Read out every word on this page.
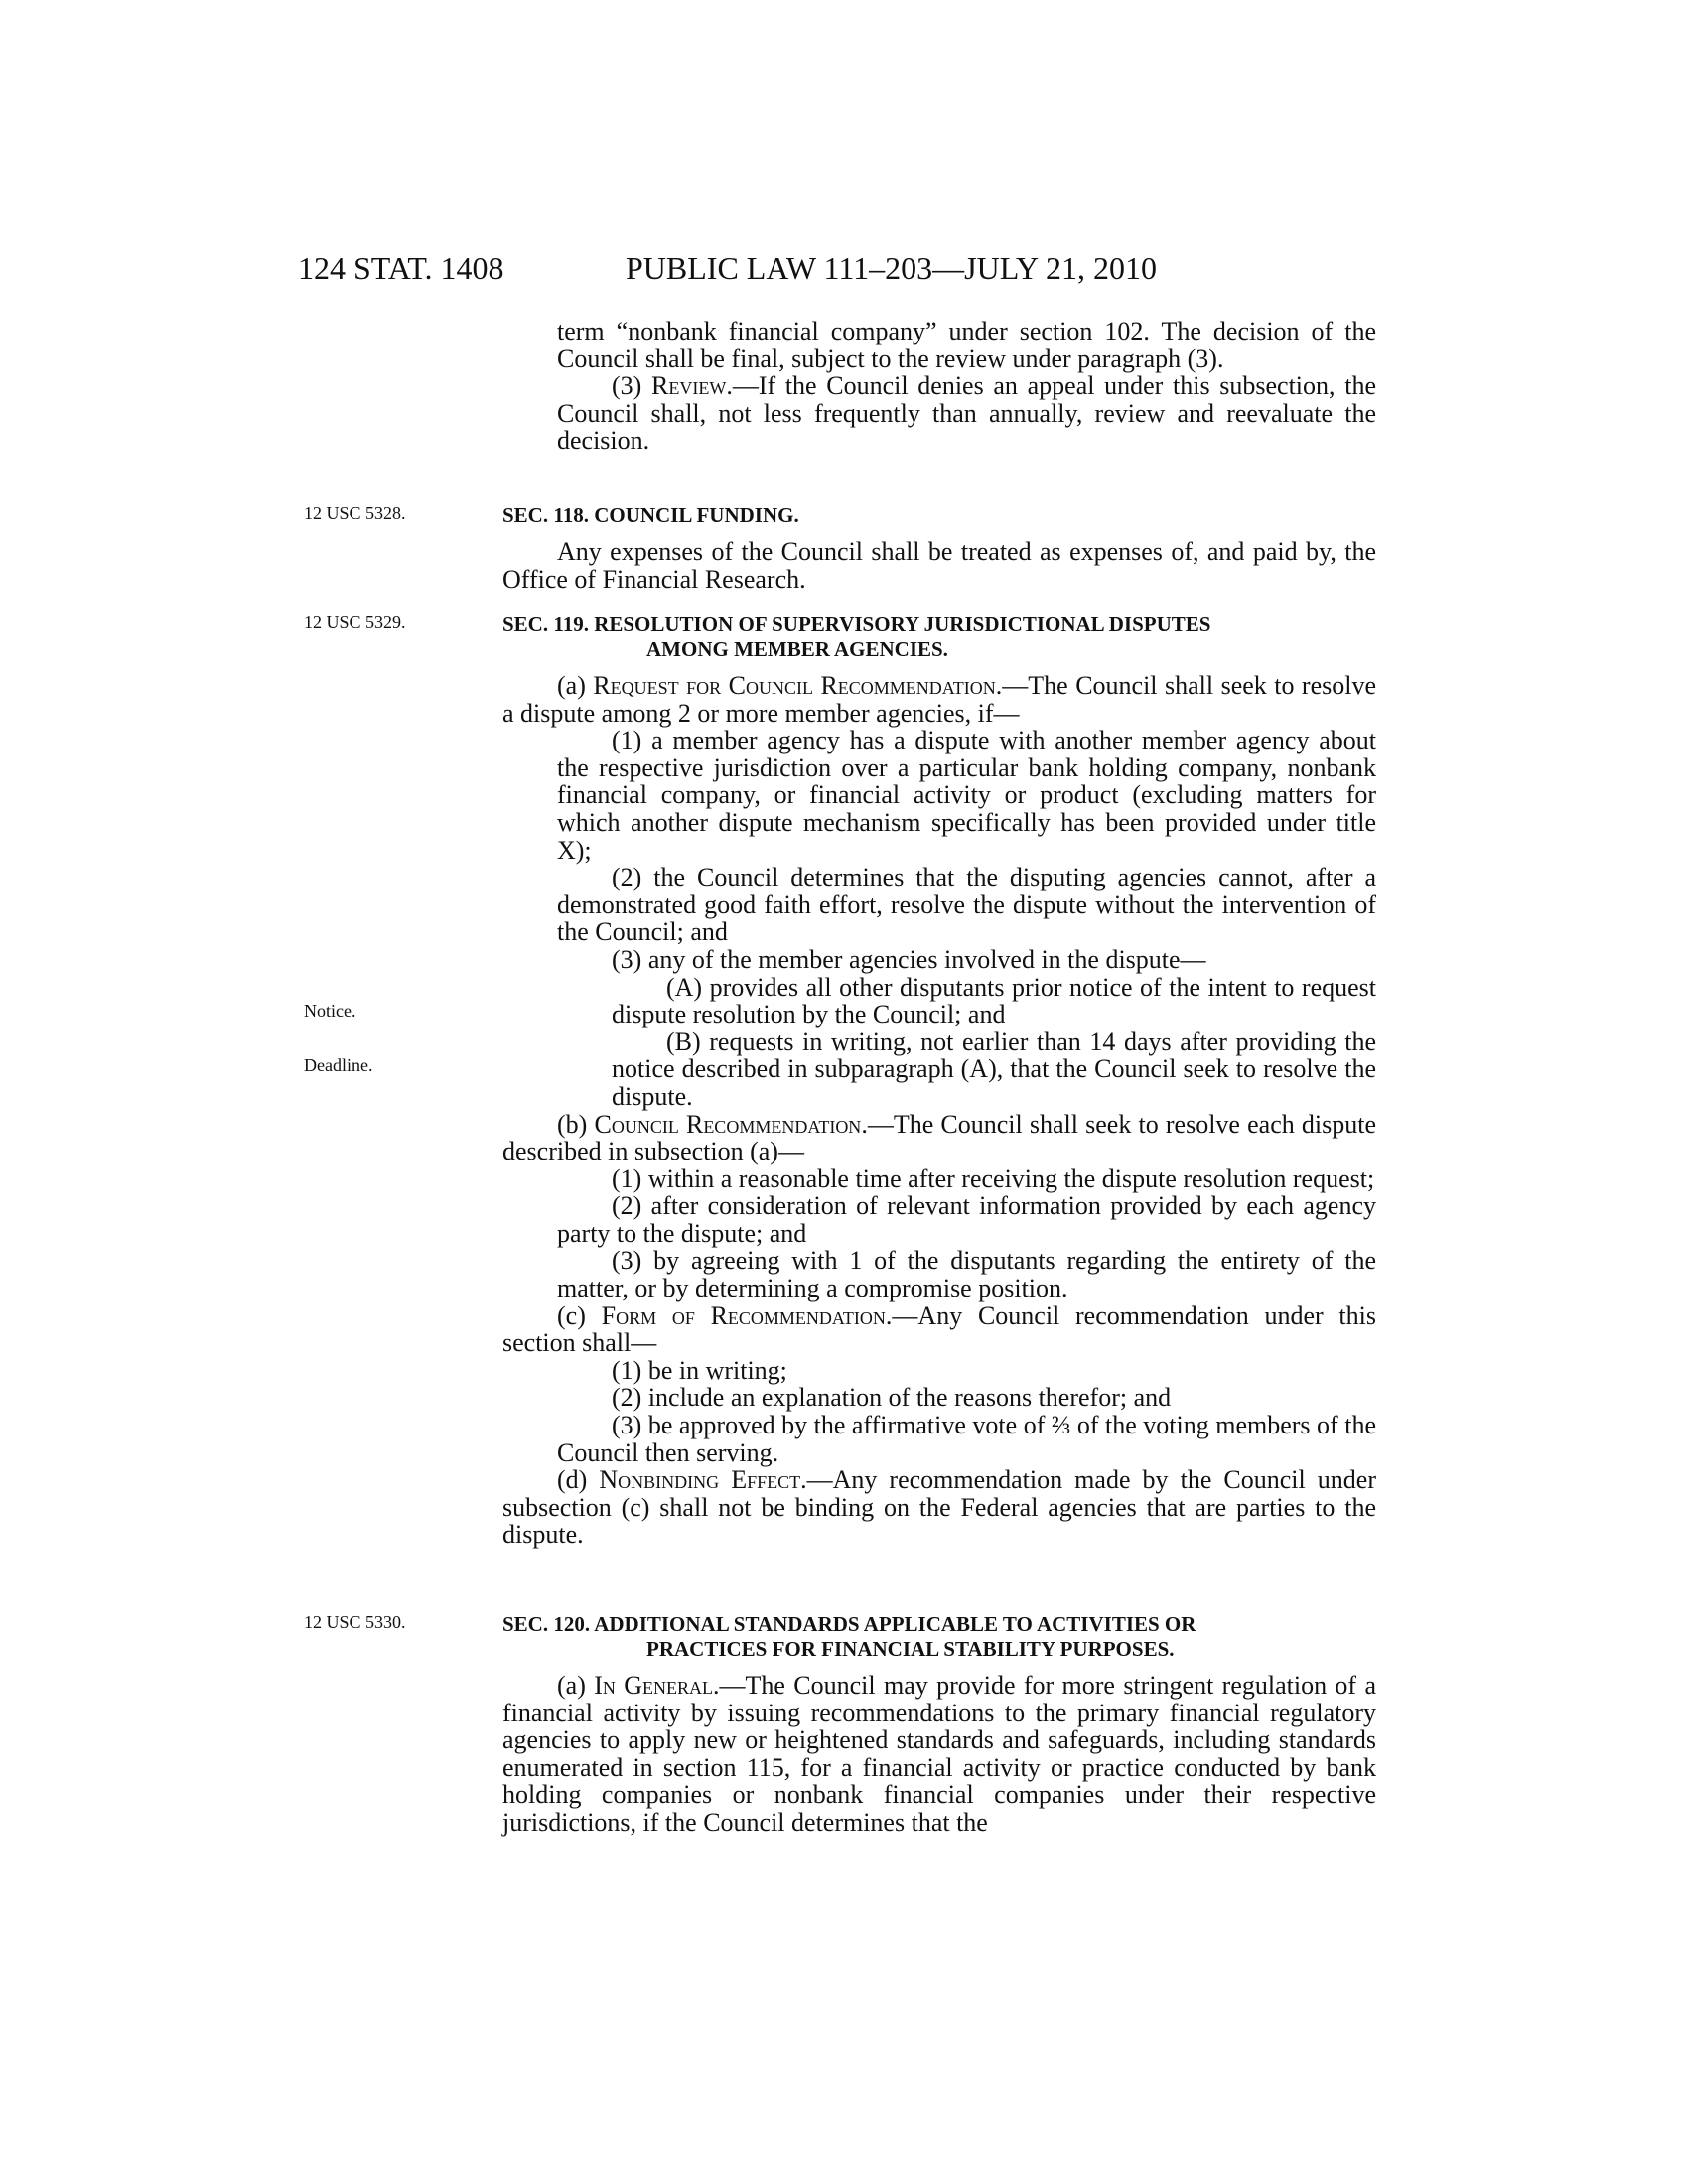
124 STAT. 1408	PUBLIC LAW 111–203—JULY 21, 2010
12 USC 5328.
12 USC 5329.
Notice.
Deadline.
12 USC 5330.

term “nonbank financial company” under section 102. The decision of the Council shall be final, subject to the review under paragraph (3).

(3) Review.—If the Council denies an appeal under this subsection, the Council shall, not less frequently than annually, review and reevaluate the decision.

SEC. 118. COUNCIL FUNDING.

Any expenses of the Council shall be treated as expenses of, and paid by, the Office of Financial Research.

SEC. 119. RESOLUTION OF SUPERVISORY JURISDICTIONAL DISPUTES
AMONG MEMBER AGENCIES.

(a) Request for Council Recommendation.—The Council shall seek to resolve a dispute among 2 or more member agencies, if—

(1) a member agency has a dispute with another member agency about the respective jurisdiction over a particular bank holding company, nonbank financial company, or financial activity or product (excluding matters for which another dispute mechanism specifically has been provided under title X);

(2) the Council determines that the disputing agencies cannot, after a demonstrated good faith effort, resolve the dispute without the intervention of the Council; and

(3) any of the member agencies involved in the dispute—

(A) provides all other disputants prior notice of the intent to request dispute resolution by the Council; and

(B) requests in writing, not earlier than 14 days after providing the notice described in subparagraph (A), that the Council seek to resolve the dispute.

(b) Council Recommendation.—The Council shall seek to resolve each dispute described in subsection (a)—

(1) within a reasonable time after receiving the dispute resolution request;

(2) after consideration of relevant information provided by each agency party to the dispute; and

(3) by agreeing with 1 of the disputants regarding the entirety of the matter, or by determining a compromise position.

(c) Form of Recommendation.—Any Council recommendation under this section shall—

(1) be in writing;

(2) include an explanation of the reasons therefor; and

(3) be approved by the affirmative vote of ⅔ of the voting members of the Council then serving.

(d) Nonbinding Effect.—Any recommendation made by the Council under subsection (c) shall not be binding on the Federal agencies that are parties to the dispute.

SEC. 120. ADDITIONAL STANDARDS APPLICABLE TO ACTIVITIES OR
PRACTICES FOR FINANCIAL STABILITY PURPOSES.

(a) In General.—The Council may provide for more stringent regulation of a financial activity by issuing recommendations to the primary financial regulatory agencies to apply new or heightened standards and safeguards, including standards enumerated in section 115, for a financial activity or practice conducted by bank holding companies or nonbank financial companies under their respective jurisdictions, if the Council determines that the
